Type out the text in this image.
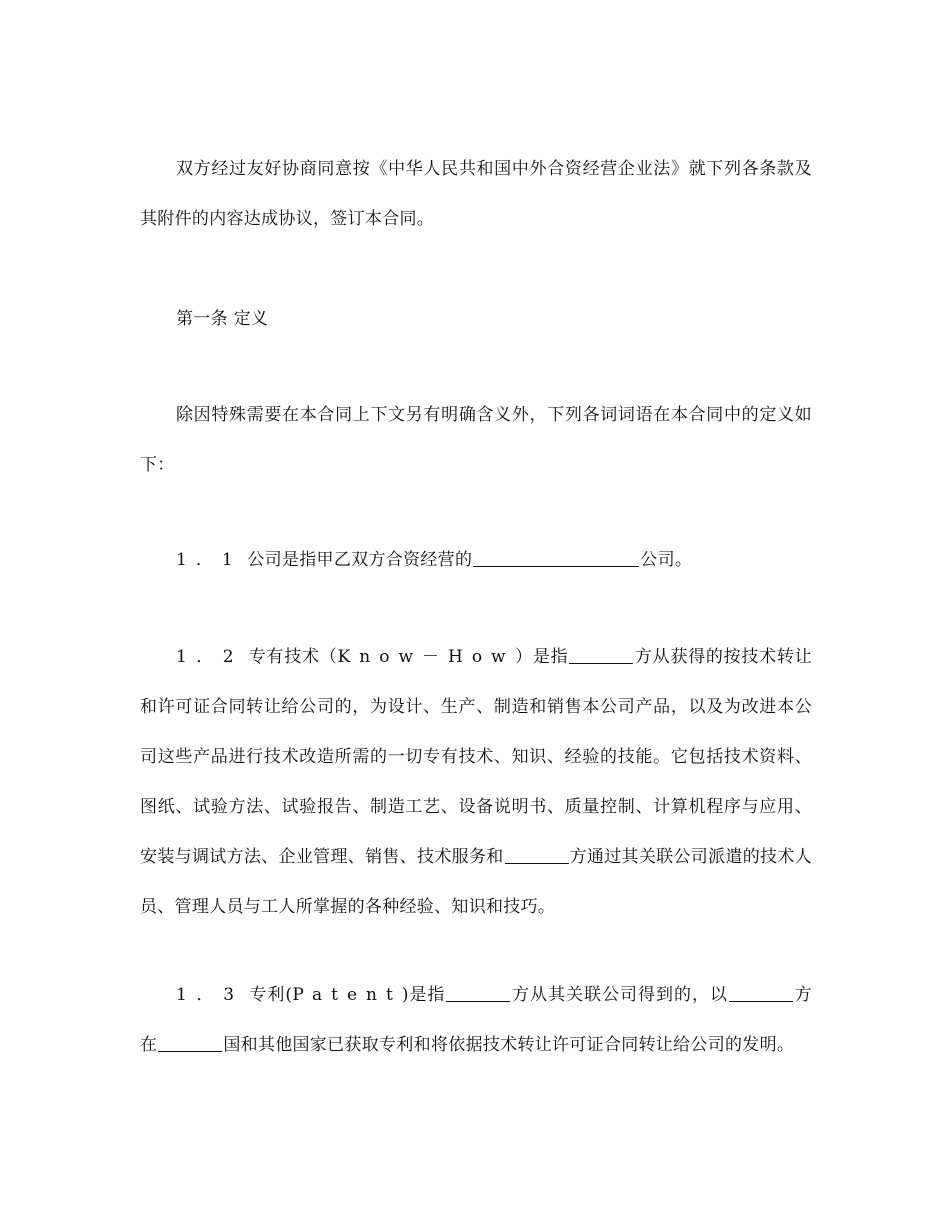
双方经过友好协商同意按《中华人民共和国中外合资经营企业法》就下列各条款及其附件的内容达成协议，签订本合同。

第一条 定义

除因特殊需要在本合同上下文另有明确含义外，下列各词词语在本合同中的定义如下：

1．1 公司是指甲乙双方合资经营的	公司。

1．2 专有技术（Know－How）是指	方从获得的按技术转让和许可证合同转让给公司的，为设计、生产、制造和销售本公司产品，以及为改进本公司这些产品进行技术改造所需的一切专有技术、知识、经验的技能。它包括技术资料、图纸、试验方法、试验报告、制造工艺、设备说明书、质量控制、计算机程序与应用、安装与调试方法、企业管理、销售、技术服务和	方通过其关联公司派遣的技术人员、管理人员与工人所掌握的各种经验、知识和技巧。

1．3 专利(Patent)是指	方从其关联公司得到的，以	方在	国和其他国家已获取专利和将依据技术转让许可证合同转让给公司的发明。
